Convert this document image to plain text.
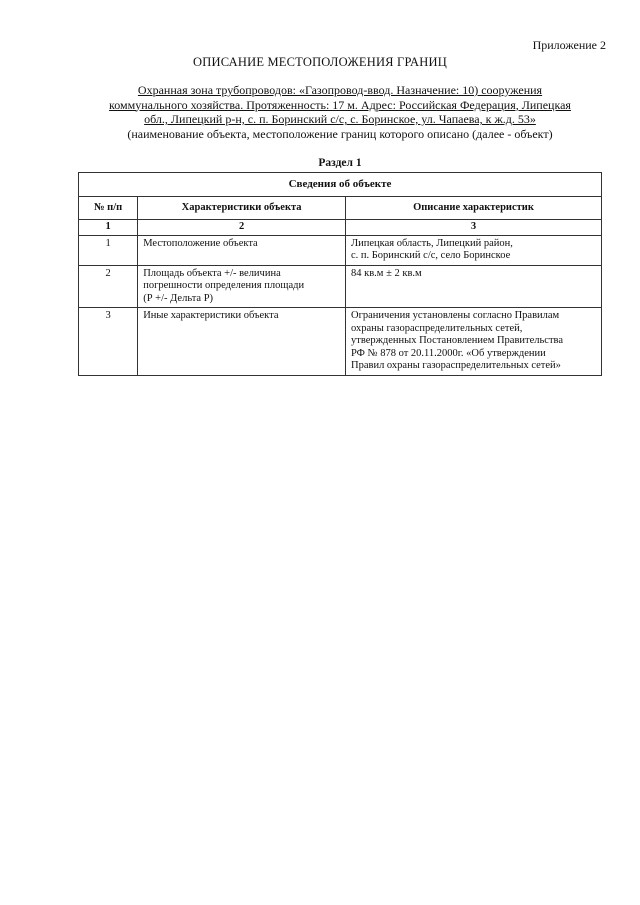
Приложение 2
ОПИСАНИЕ МЕСТОПОЛОЖЕНИЯ ГРАНИЦ
Охранная зона трубопроводов: «Газопровод-ввод. Назначение: 10) сооружения
коммунального хозяйства. Протяженность: 17 м. Адрес: Российская Федерация, Липецкая
обл., Липецкий р-н, с. п. Боринский с/с, с. Боринское, ул. Чапаева, к ж.д. 53»
(наименование объекта, местоположение границ которого описано (далее - объект)
Раздел 1
Сведения об объекте		
№ п/п	Характеристики объекта	Описание характеристик
1	2	3
1	Местоположение объекта	Липецкая область, Липецкий район,
с. п. Боринский с/с, село Боринское

2	Площадь объекта +/- величина
погрешности определения площади
(Р +/- Дельта Р)	84 кв.м ± 2 кв.м
3	Иные характеристики объекта	Ограничения установлены согласно Правилам
охраны газораспределительных сетей,
утвержденных Постановлением Правительства
РФ № 878 от 20.11.2000г. «Об утверждении
Правил охраны газораспределительных сетей»
